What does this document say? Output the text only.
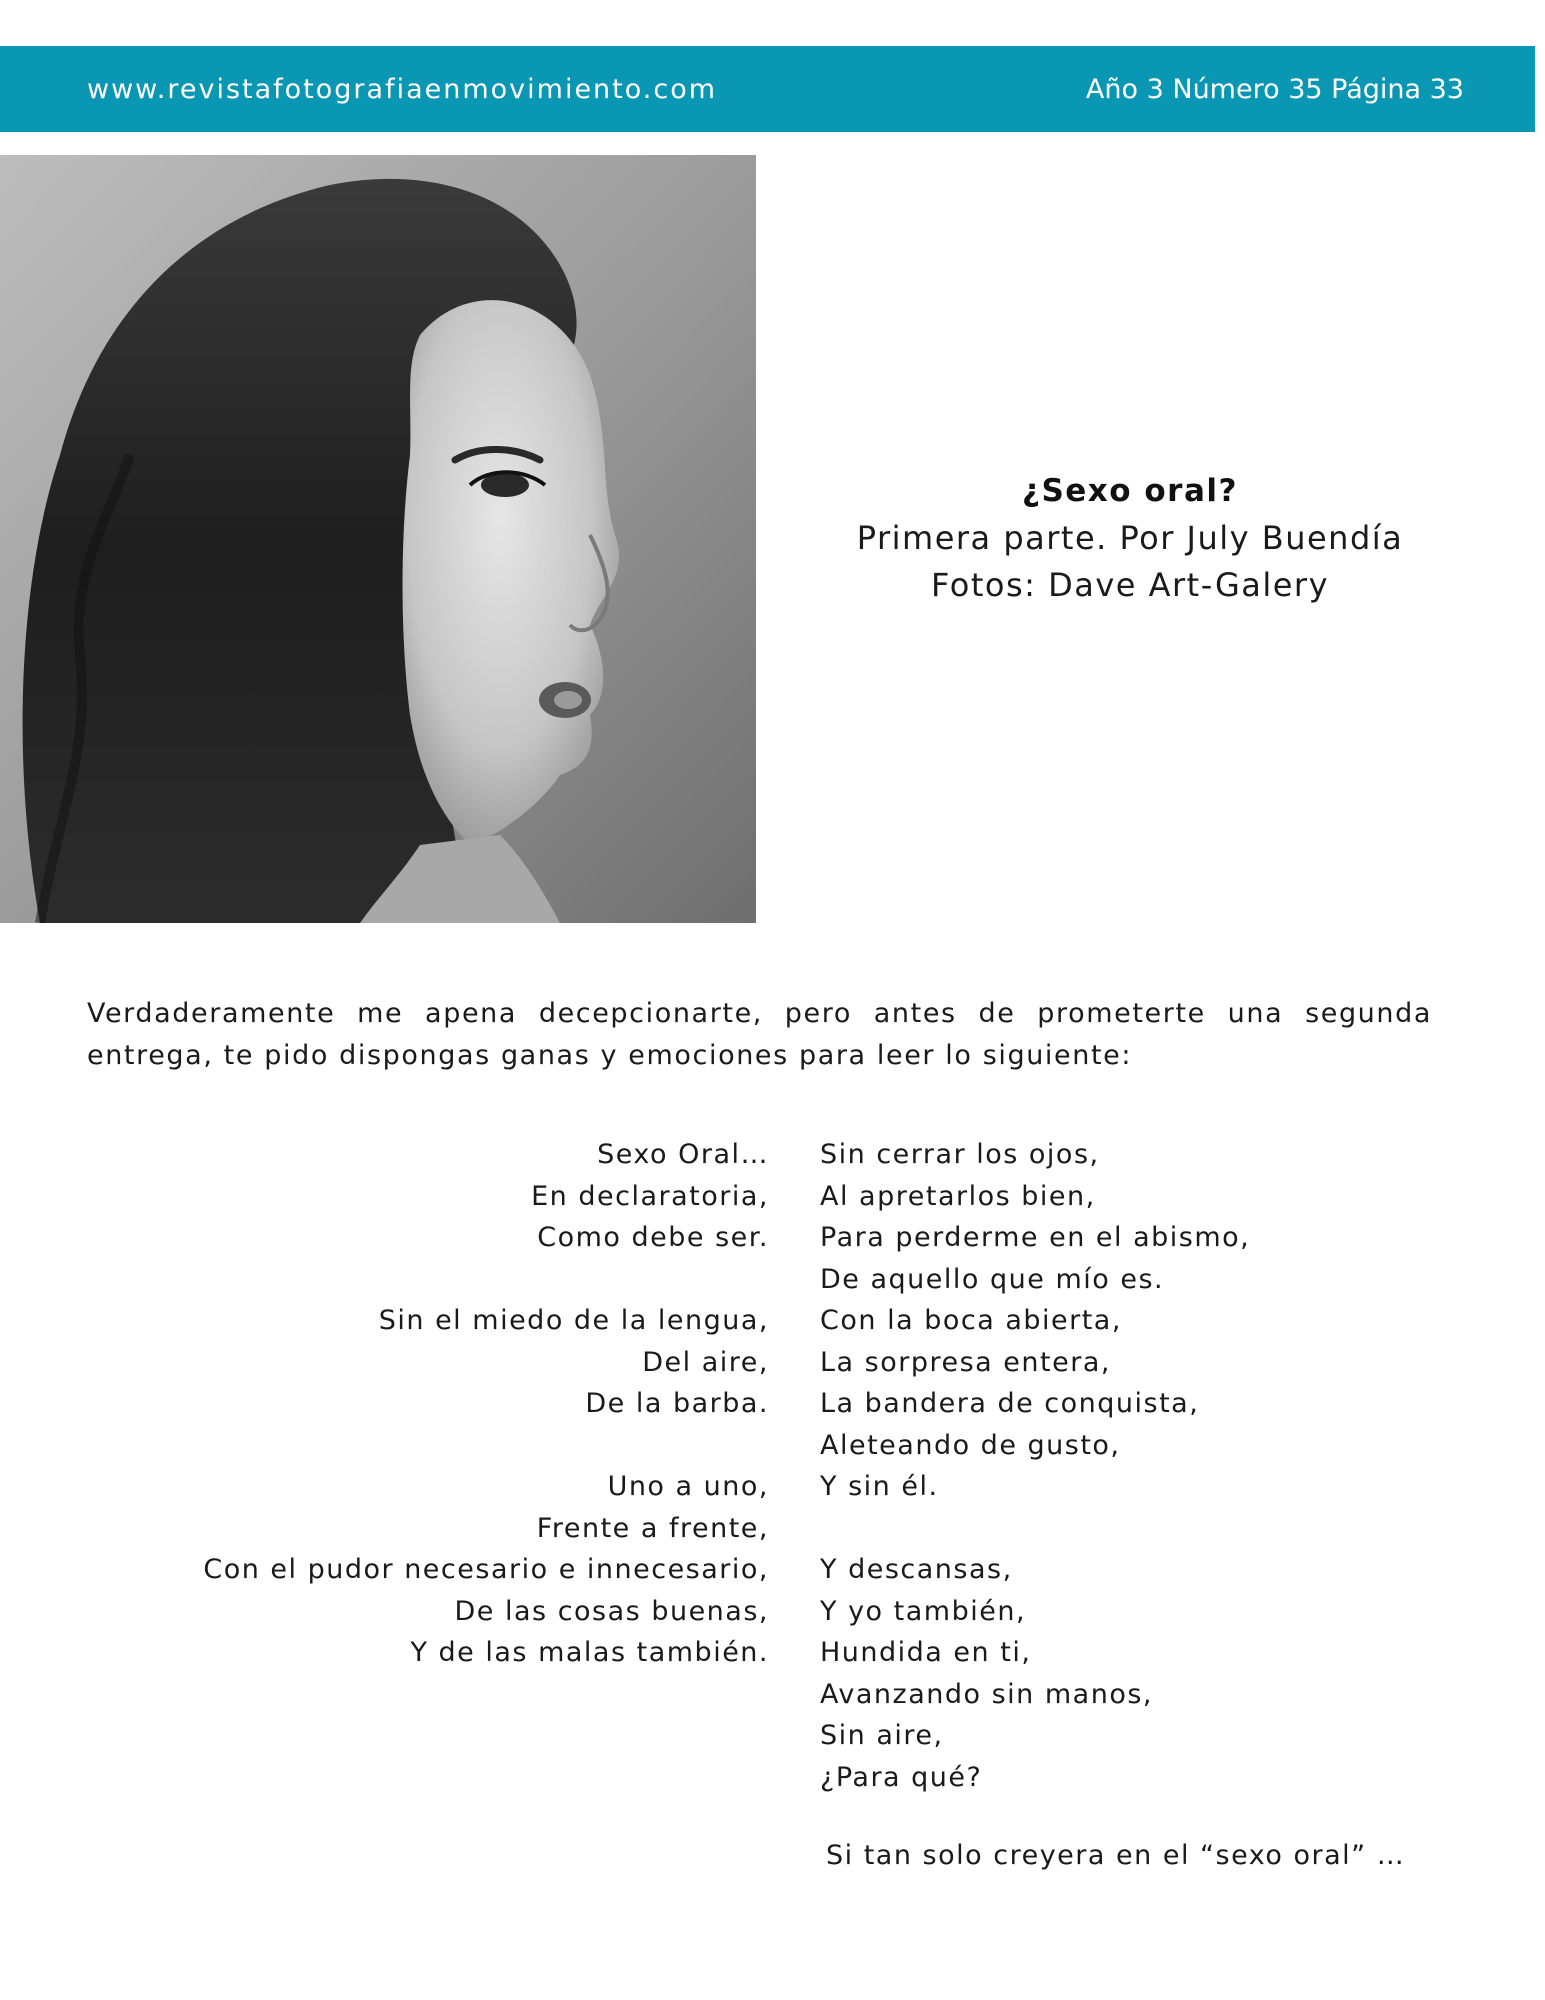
www.revistafotografiaenmovimiento.com	Año 3 Número 35 Página 33
¿Sexo oral?
Primera parte. Por July Buendía
Fotos: Dave Art-Galery
Verdaderamente me apena decepcionarte, pero antes de prometerte una segunda entrega, te pido dispongas ganas y emociones para leer lo siguiente:
Sexo Oral…
En declaratoria,
Como debe ser.
Sin el miedo de la lengua,
Del aire,
De la barba.
Uno a uno,
Frente a frente,
Con el pudor necesario e innecesario,
De las cosas buenas,
Y de las malas también.
Sin cerrar los ojos,
Al apretarlos bien,
Para perderme en el abismo,
De aquello que mío es.
Con la boca abierta,
La sorpresa entera,
La bandera de conquista,
Aleteando de gusto,
Y sin él.
Y descansas,
Y yo también,
Hundida en ti,
Avanzando sin manos,
Sin aire,
¿Para qué?
Si tan solo creyera en el “sexo oral” …
